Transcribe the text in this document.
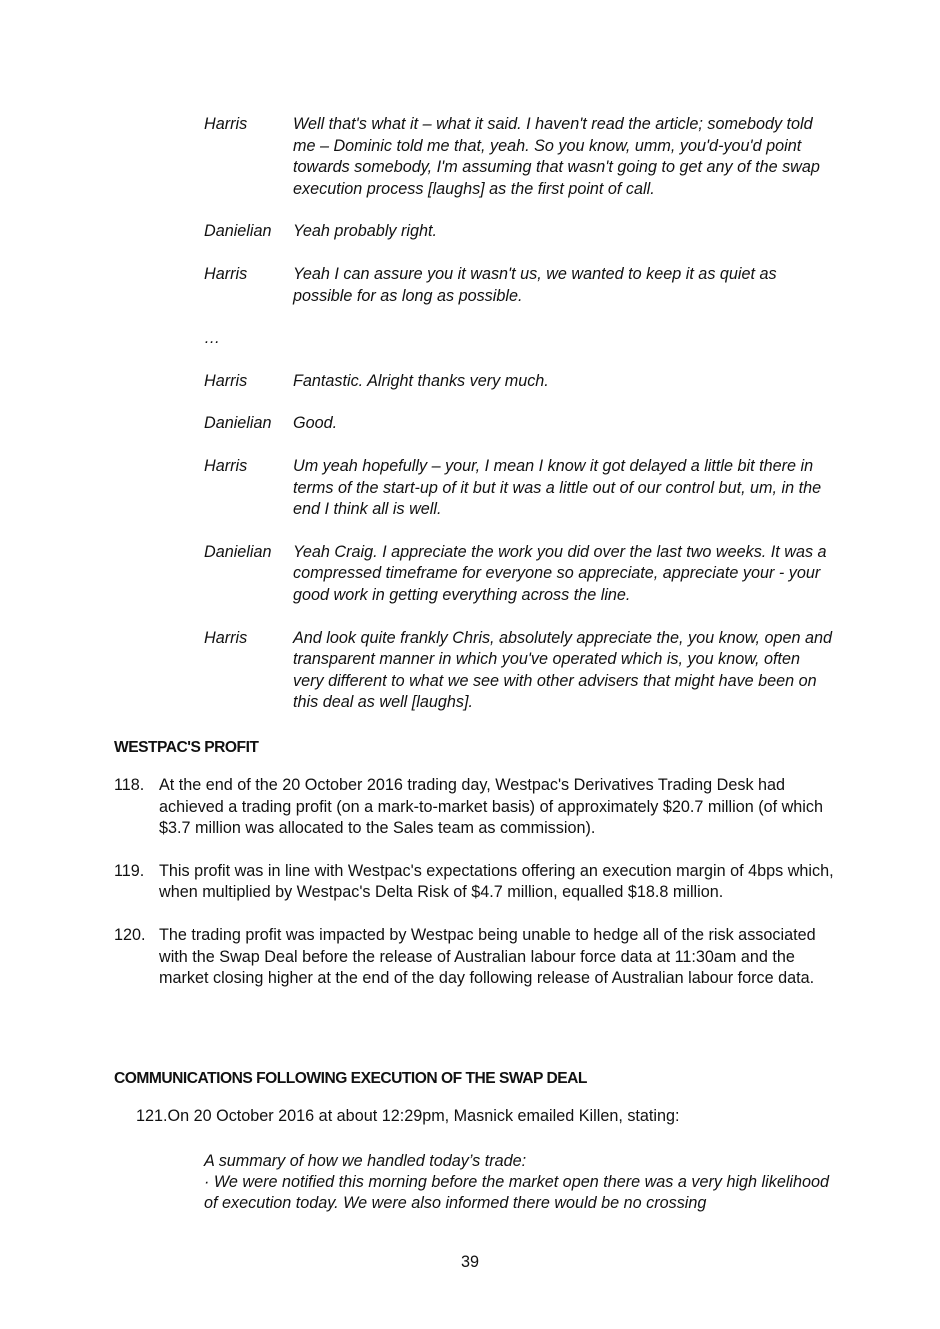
Harris	Well that's what it – what it said. I haven't read the article; somebody told me – Dominic told me that, yeah. So you know, umm, you'd-you'd point towards somebody, I'm assuming that wasn't going to get any of the swap execution process [laughs] as the first point of call.
Danielian	Yeah probably right.
Harris	Yeah I can assure you it wasn't us, we wanted to keep it as quiet as possible for as long as possible.
…
Harris	Fantastic. Alright thanks very much.
Danielian	Good.
Harris	Um yeah hopefully – your, I mean I know it got delayed a little bit there in terms of the start-up of it but it was a little out of our control but, um, in the end I think all is well.
Danielian	Yeah Craig. I appreciate the work you did over the last two weeks. It was a compressed timeframe for everyone so appreciate, appreciate your - your good work in getting everything across the line.
Harris	And look quite frankly Chris, absolutely appreciate the, you know, open and transparent manner in which you've operated which is, you know, often very different to what we see with other advisers that might have been on this deal as well [laughs].
WESTPAC'S PROFIT
118. At the end of the 20 October 2016 trading day, Westpac's Derivatives Trading Desk had achieved a trading profit (on a mark-to-market basis) of approximately $20.7 million (of which $3.7 million was allocated to the Sales team as commission).
119. This profit was in line with Westpac's expectations offering an execution margin of 4bps which, when multiplied by Westpac's Delta Risk of $4.7 million, equalled $18.8 million.
120. The trading profit was impacted by Westpac being unable to hedge all of the risk associated with the Swap Deal before the release of Australian labour force data at 11:30am and the market closing higher at the end of the day following release of Australian labour force data.
COMMUNICATIONS FOLLOWING EXECUTION OF THE SWAP DEAL
121.On 20 October 2016 at about 12:29pm, Masnick emailed Killen, stating:
A summary of how we handled today’s trade:
· We were notified this morning before the market open there was a very high likelihood of execution today. We were also informed there would be no crossing
39
